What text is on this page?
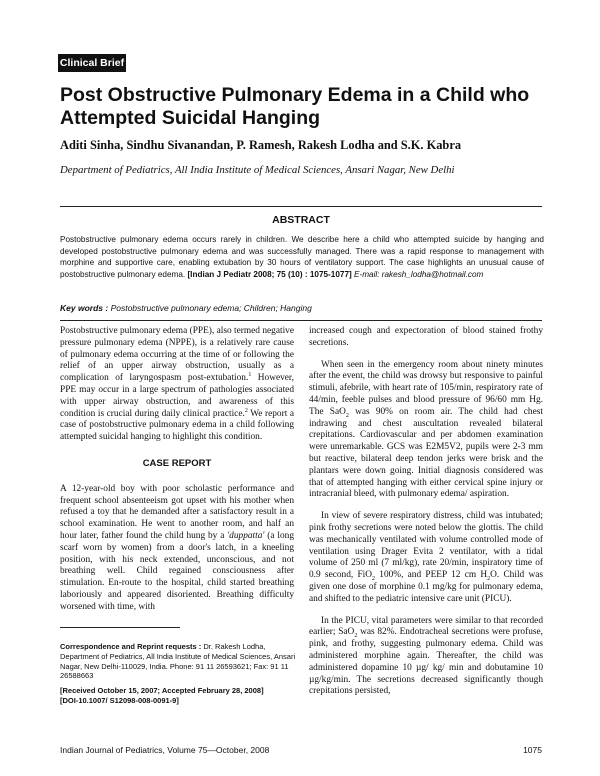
Clinical Brief
Post Obstructive Pulmonary Edema in a Child who Attempted Suicidal Hanging

Aditi Sinha, Sindhu Sivanandan, P. Ramesh, Rakesh Lodha and S.K. Kabra

Department of Pediatrics, All India Institute of Medical Sciences, Ansari Nagar, New Delhi

ABSTRACT

Postobstructive pulmonary edema occurs rarely in children. We describe here a child who attempted suicide by hanging and developed postobstructive pulmonary edema and was successfully managed. There was a rapid response to management with morphine and supportive care, enabling extubation by 30 hours of ventilatory support. The case highlights an unusual cause of postobstructive pulmonary edema. [Indian J Pediatr 2008; 75 (10) : 1075-1077] E-mail: rakesh_lodha@hotmail.com

Key words : Postobstructive pulmonary edema; Children; Hanging

Postobstructive pulmonary edema (PPE), also termed negative pressure pulmonary edema (NPPE), is a relatively rare cause of pulmonary edema occurring at the time of or following the relief of an upper airway obstruction, usually as a complication of laryngospasm post-extubation.$^1$ However, PPE may occur in a large spectrum of pathologies associated with upper airway obstruction, and awareness of this condition is crucial during daily clinical practice.$^2$ We report a case of postobstructive pulmonary edema in a child following attempted suicidal hanging to highlight this condition.

CASE REPORT

A 12-year-old boy with poor scholastic performance and frequent school absenteeism got upset with his mother when refused a toy that he demanded after a satisfactory result in a school examination. He went to another room, and half an hour later, father found the child hung by a 'duppatta' (a long scarf worn by women) from a door's latch, in a kneeling position, with his neck extended, unconscious, and not breathing well. Child regained consciousness after stimulation. En-route to the hospital, child started breathing laboriously and appeared disoriented. Breathing difficulty worsened with time, with

Correspondence and Reprint requests : Dr. Rakesh Lodha, Department of Pediatrics, All India Institute of Medical Sciences, Ansari Nagar, New Delhi-110029, India. Phone: 91 11 26593621; Fax: 91 11 26588663

[Received October 15, 2007; Accepted February 28, 2008]
[DOI-10.1007/ S12098-008-0091-9]

increased cough and expectoration of blood stained frothy secretions.

When seen in the emergency room about ninety minutes after the event, the child was drowsy but responsive to painful stimuli, afebrile, with heart rate of 105/min, respiratory rate of 44/min, feeble pulses and blood pressure of 96/60 mm Hg. The SaO$_2$ was 90% on room air. The child had chest indrawing and chest auscultation revealed bilateral crepitations. Cardiovascular and per abdomen examination were unremarkable. GCS was E2M5V2, pupils were 2-3 mm but reactive, bilateral deep tendon jerks were brisk and the plantars were down going. Initial diagnosis considered was that of attempted hanging with either cervical spine injury or intracranial bleed, with pulmonary edema/ aspiration.

In view of severe respiratory distress, child was intubated; pink frothy secretions were noted below the glottis. The child was mechanically ventilated with volume controlled mode of ventilation using Drager Evita 2 ventilator, with a tidal volume of 250 ml (7 ml/kg), rate 20/min, inspiratory time of 0.9 second, FiO$_2$ 100%, and PEEP 12 cm $H_2O$. Child was given one dose of morphine 0.1 mg/kg for pulmonary edema, and shifted to the pediatric intensive care unit (PICU).

In the PICU, vital parameters were similar to that recorded earlier; SaO$_2$ was 82%. Endotracheal secretions were profuse, pink, and frothy, suggesting pulmonary edema. Child was administered morphine again. Thereafter, the child was administered dopamine 10 µg/ kg/ min and dobutamine 10 µg/kg/min. The secretions decreased significantly though crepitations persisted,

Indian Journal of Pediatrics, Volume 75—October, 2008	1075
